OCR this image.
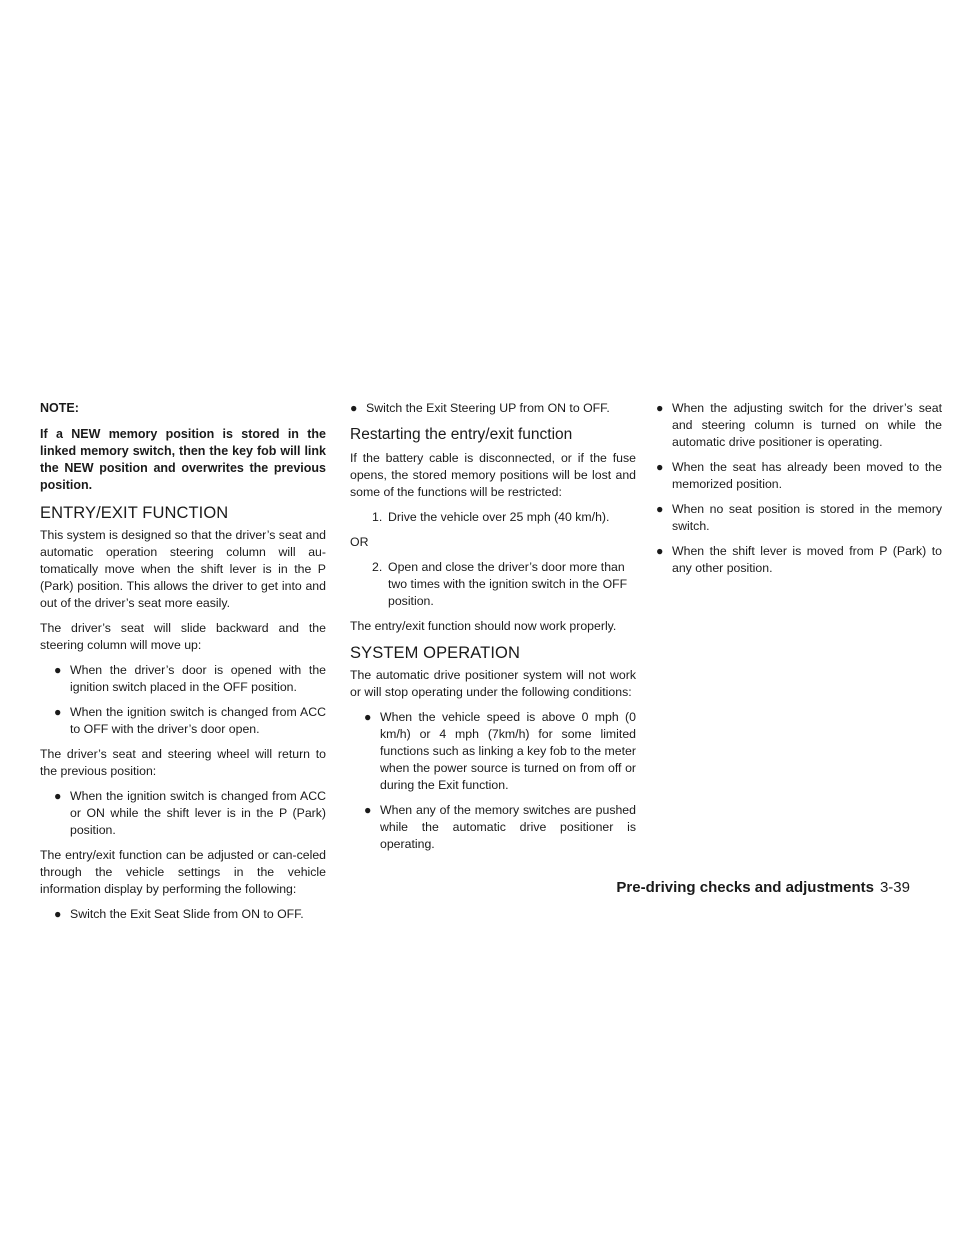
NOTE:
If a NEW memory position is stored in the linked memory switch, then the key fob will link the NEW position and overwrites the previous position.
ENTRY/EXIT FUNCTION

This system is designed so that the driver’s seat and automatic operation steering column will au-tomatically move when the shift lever is in the P (Park) position. This allows the driver to get into and out of the driver’s seat more easily.

The driver’s seat will slide backward and the steering column will move up:

● When the driver’s door is opened with the ignition switch placed in the OFF position.
● When the ignition switch is changed from ACC to OFF with the driver’s door open.

The driver’s seat and steering wheel will return to the previous position:

● When the ignition switch is changed from ACC or ON while the shift lever is in the P (Park) position.

The entry/exit function can be adjusted or can-celed through the vehicle settings in the vehicle information display by performing the following:

● Switch the Exit Seat Slide from ON to OFF.
● Switch the Exit Steering UP from ON to OFF.
Restarting the entry/exit function

If the battery cable is disconnected, or if the fuse opens, the stored memory positions will be lost and some of the functions will be restricted:

1. Drive the vehicle over 25 mph (40 km/h).
OR
2. Open and close the driver’s door more than two times with the ignition switch in the OFF position.

The entry/exit function should now work properly.

SYSTEM OPERATION

The automatic drive positioner system will not work or will stop operating under the following conditions:

● When the vehicle speed is above 0 mph (0 km/h) or 4 mph (7km/h) for some limited functions such as linking a key fob to the meter when the power source is turned on from off or during the Exit function.
● When any of the memory switches are pushed while the automatic drive positioner is operating.
● When the adjusting switch for the driver’s seat and steering column is turned on while the automatic drive positioner is operating.
● When the seat has already been moved to the memorized position.
● When no seat position is stored in the memory switch.
● When the shift lever is moved from P (Park) to any other position.
Pre-driving checks and adjustments 3-39
